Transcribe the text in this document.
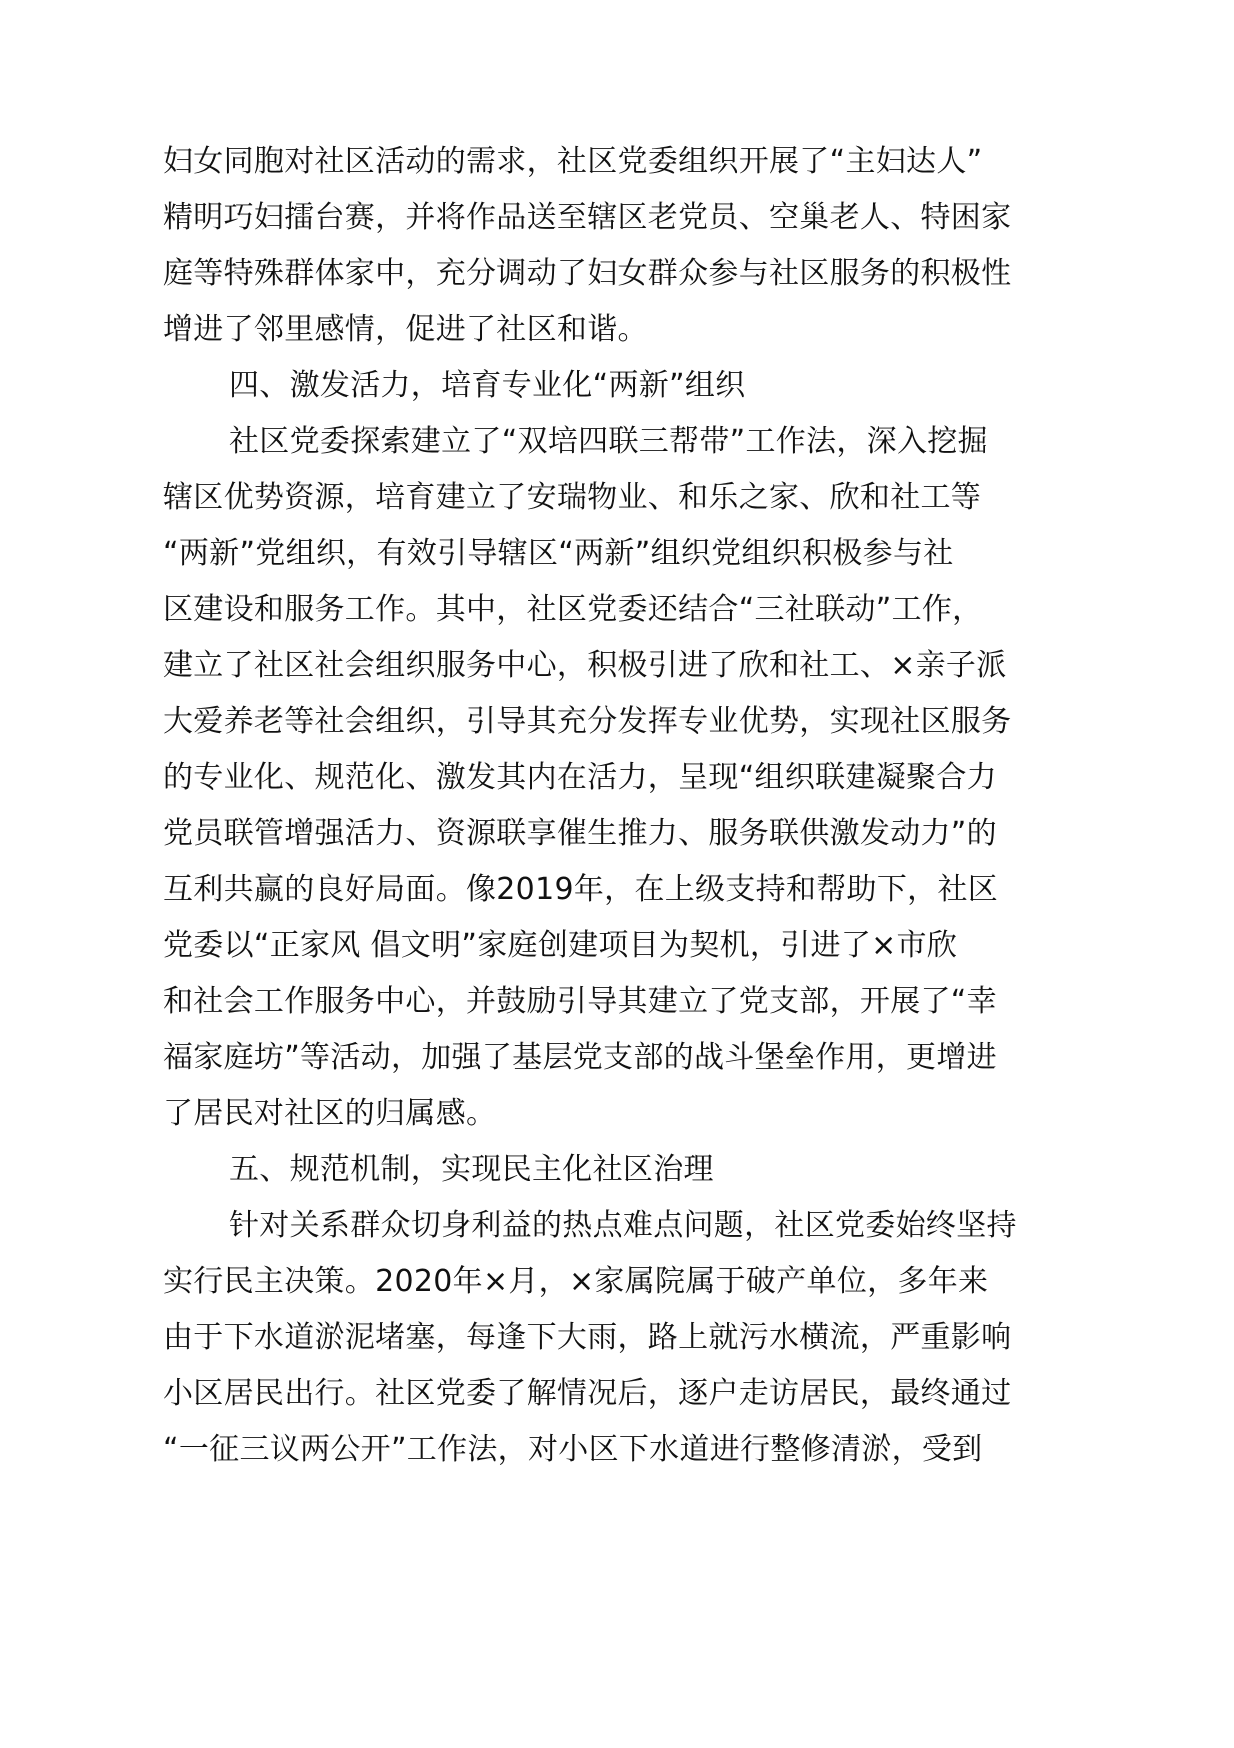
妇女同胞对社区活动的需求，社区党委组织开展了“主妇达人”
精明巧妇擂台赛，并将作品送至辖区老党员、空巢老人、特困家
庭等特殊群体家中，充分调动了妇女群众参与社区服务的积极性
增进了邻里感情，促进了社区和谐。
四、激发活力，培育专业化“两新”组织
社区党委探索建立了“双培四联三帮带”工作法，深入挖掘
辖区优势资源，培育建立了安瑞物业、和乐之家、欣和社工等
“两新”党组织，有效引导辖区“两新”组织党组织积极参与社
区建设和服务工作。其中，社区党委还结合“三社联动”工作，
建立了社区社会组织服务中心，积极引进了欣和社工、×亲子派
大爱养老等社会组织，引导其充分发挥专业优势，实现社区服务
的专业化、规范化、激发其内在活力，呈现“组织联建凝聚合力
党员联管增强活力、资源联享催生推力、服务联供激发动力”的
互利共赢的良好局面。像2019年，在上级支持和帮助下，社区
党委以“正家风 倡文明”家庭创建项目为契机，引进了×市欣
和社会工作服务中心，并鼓励引导其建立了党支部，开展了“幸
福家庭坊”等活动，加强了基层党支部的战斗堡垒作用，更增进
了居民对社区的归属感。
五、规范机制，实现民主化社区治理
针对关系群众切身利益的热点难点问题，社区党委始终坚持
实行民主决策。2020年×月，×家属院属于破产单位，多年来
由于下水道淤泥堵塞，每逢下大雨，路上就污水横流，严重影响
小区居民出行。社区党委了解情况后，逐户走访居民，最终通过
“一征三议两公开”工作法，对小区下水道进行整修清淤，受到
